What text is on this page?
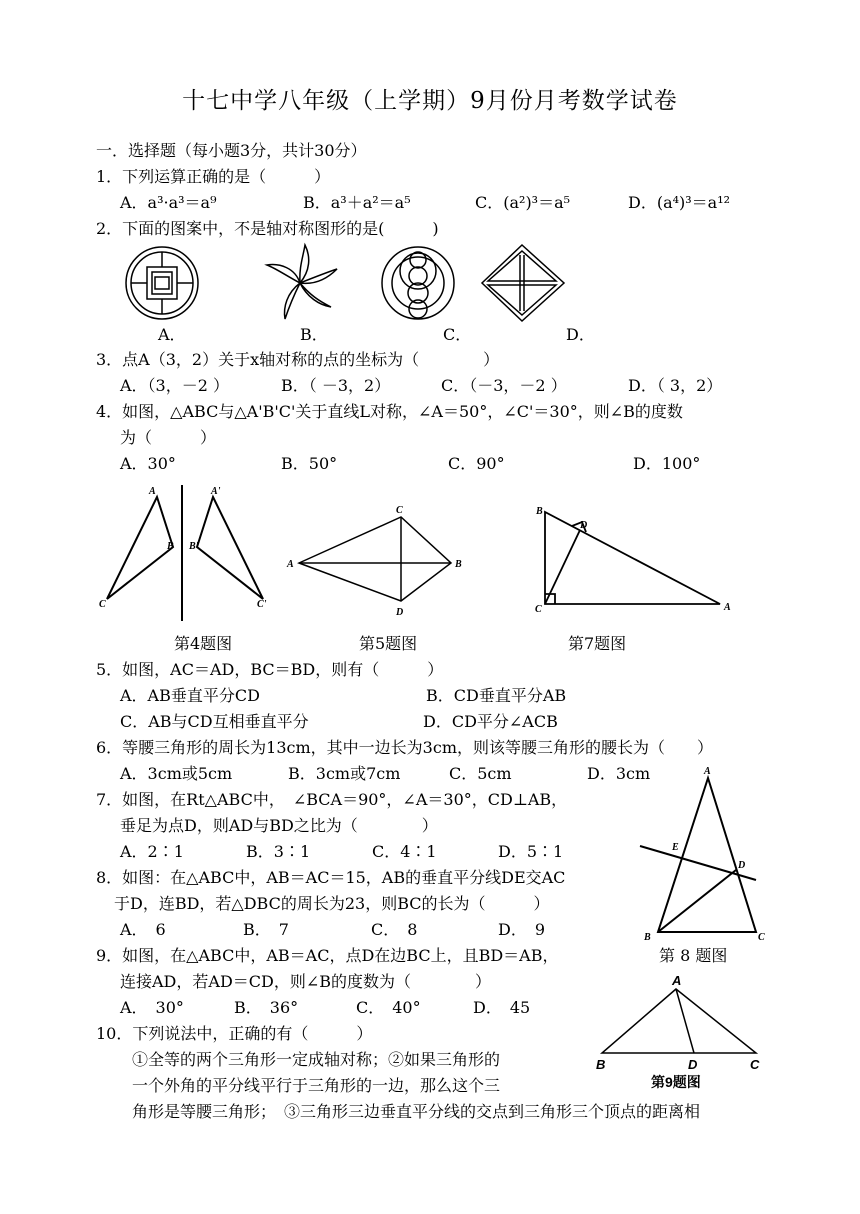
十七中学八年级（上学期）9月份月考数学试卷
一．选择题（每小题3分，共计30分）
1．下列运算正确的是（　　　）
A．a³·a³＝a⁹	B．a³＋a²＝a⁵	C．(a²)³＝a⁵	D．(a⁴)³＝a¹²
2．下面的图案中，不是轴对称图形的是(　　　)
A．	B．	C．	D．
3．点A（3，2）关于x轴对称的点的坐标为（　　　　）
A．（3，－2 ）	B．（ －3，2）	C．（－3，－2 ）	D．（ 3，2）
4．如图，△ABC与△A'B'C'关于直线L对称，∠A＝50°，∠C'＝30°，则∠B的度数
为（　　　）
A．30°	B．50°	C．90°	D．100°
A
B
C
A'
B'
C'
A	B
C
D
B
C	A
D
第4题图	第5题图	第7题图
5．如图，AC＝AD，BC＝BD，则有（　　　）
A．AB垂直平分CD	B．CD垂直平分AB
C．AB与CD互相垂直平分	D．CD平分∠ACB
6．等腰三角形的周长为13cm，其中一边长为3cm，则该等腰三角形的腰长为（　　）
A．3cm或5cm	B．3cm或7cm	C．5cm	D．3cm	A
B	C
D
E
7．如图，在Rt△ABC中，　∠BCA＝90°，∠A＝30°，CD⊥AB，
垂足为点D，则AD与BD之比为（　　　　）
A．2∶1	B．3∶1	C．4∶1	D．5∶1
8．如图：在△ABC中，AB＝AC＝15，AB的垂直平分线DE交AC
于D，连BD，若△DBC的周长为23，则BC的长为（　　　）
A．　6	B．　7	C．　8	D．　9
第 8 题图
9．如图，在△ABC中，AB＝AC，点D在边BC上，且BD＝AB，
连接AD，若AD＝CD，则∠B的度数为（　　　　）
A．　30°	B．　36°	C．　40°	D．　45
A
B	D	C
第9题图
10．下列说法中，正确的有（　　　）
①全等的两个三角形一定成轴对称；②如果三角形的
一个外角的平分线平行于三角形的一边，那么这个三
角形是等腰三角形；　③三角形三边垂直平分线的交点到三角形三个顶点的距离相
